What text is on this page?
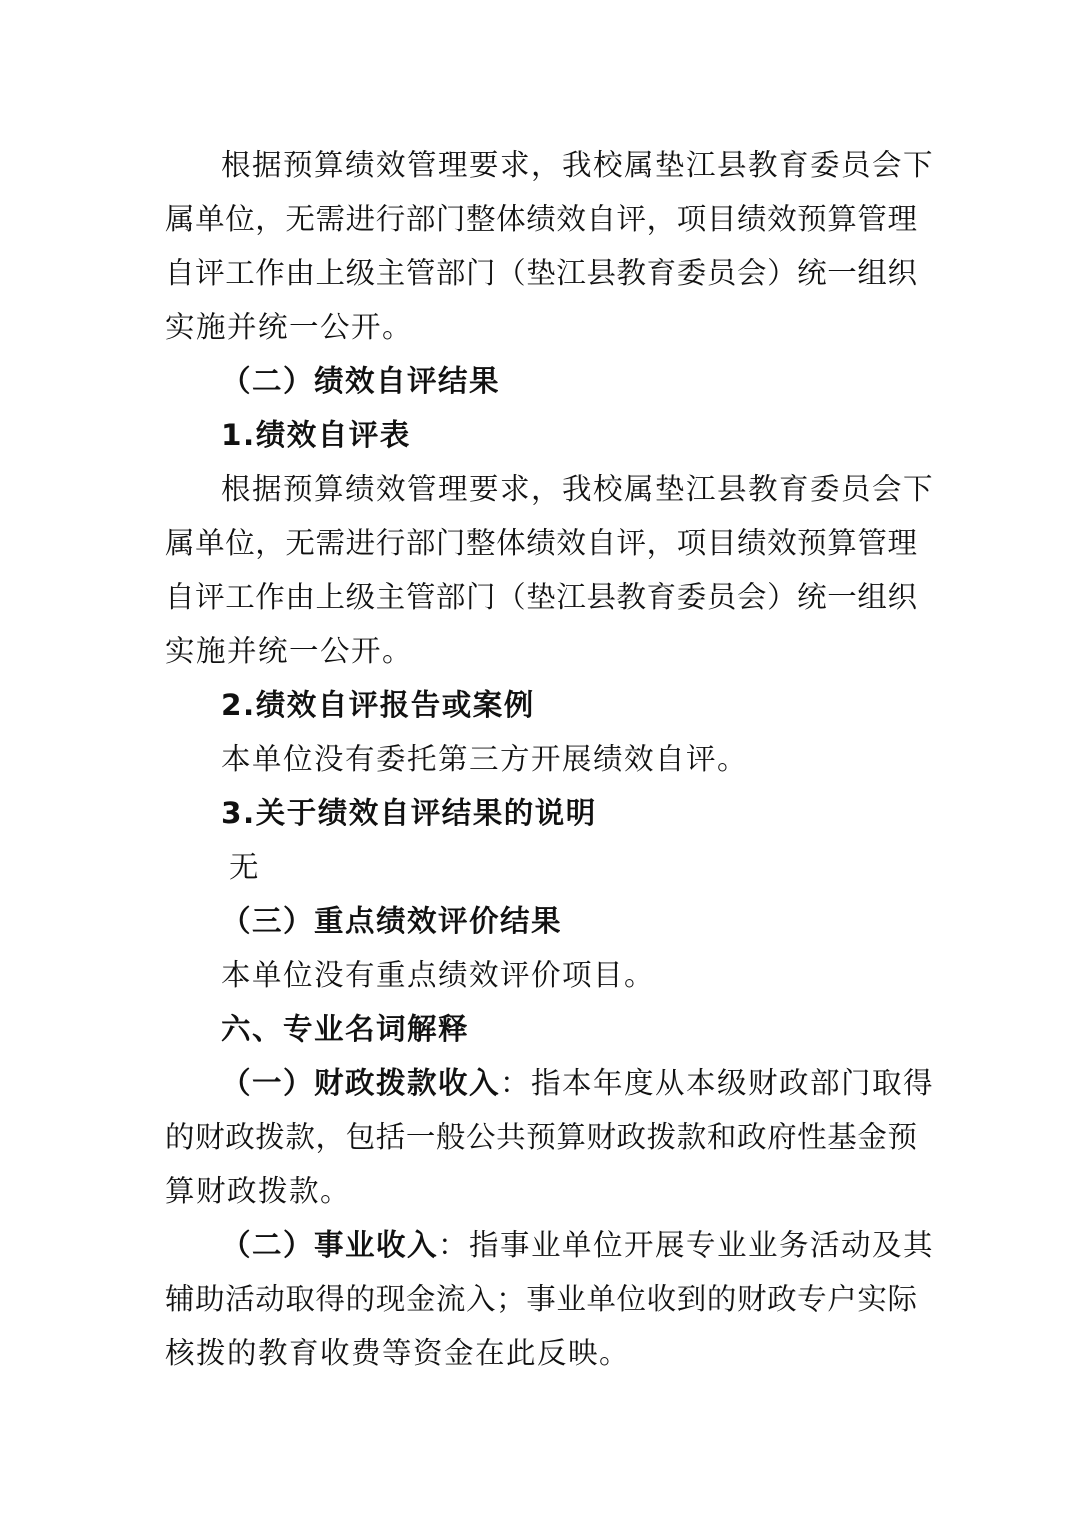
根据预算绩效管理要求，我校属垫江县教育委员会下
属单位，无需进行部门整体绩效自评，项目绩效预算管理
自评工作由上级主管部门（垫江县教育委员会）统一组织
实施并统一公开。
（二）绩效自评结果
1.绩效自评表
根据预算绩效管理要求，我校属垫江县教育委员会下
属单位，无需进行部门整体绩效自评，项目绩效预算管理
自评工作由上级主管部门（垫江县教育委员会）统一组织
实施并统一公开。
2.绩效自评报告或案例
本单位没有委托第三方开展绩效自评。
3.关于绩效自评结果的说明
无
（三）重点绩效评价结果
本单位没有重点绩效评价项目。
六、专业名词解释
（一）财政拨款收入：指本年度从本级财政部门取得
的财政拨款，包括一般公共预算财政拨款和政府性基金预
算财政拨款。
（二）事业收入：指事业单位开展专业业务活动及其
辅助活动取得的现金流入；事业单位收到的财政专户实际
核拨的教育收费等资金在此反映。
